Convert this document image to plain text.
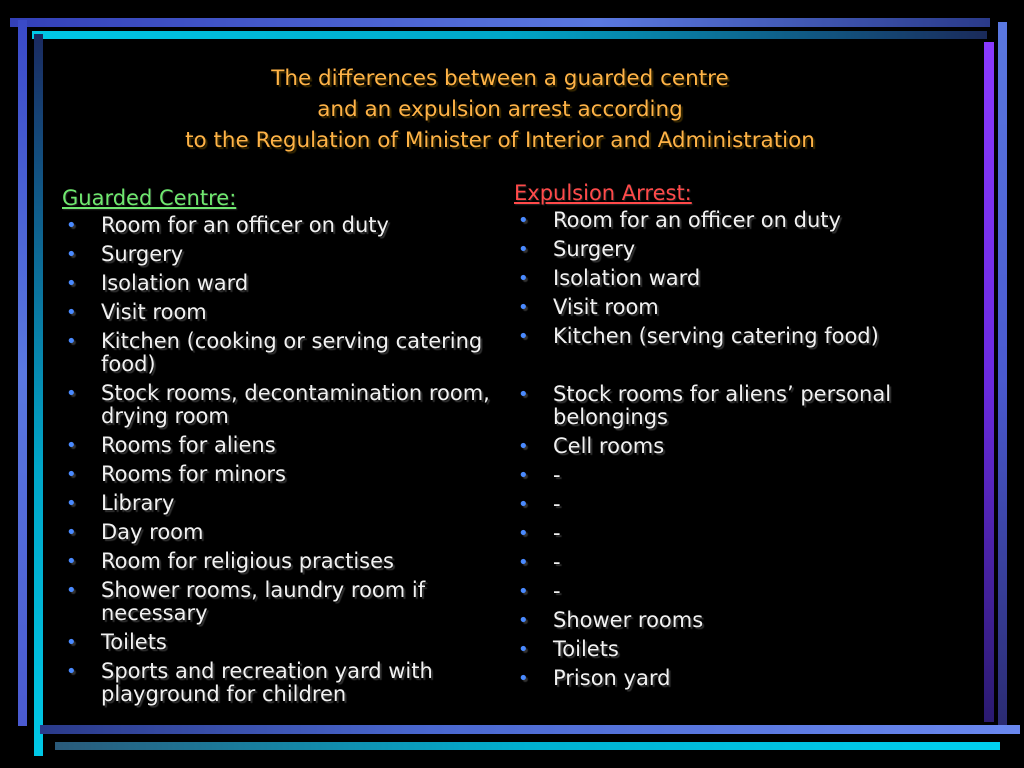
The differences between a guarded centre
and an expulsion arrest according
to the Regulation of Minister of Interior and Administration
Guarded Centre:
• Room for an officer on duty
• Surgery
• Isolation ward
• Visit room
• Kitchen (cooking or serving catering food)
• Stock rooms, decontamination room, drying room
• Rooms for aliens
• Rooms for minors
• Library
• Day room
• Room for religious practises
• Shower rooms, laundry room if necessary
• Toilets
• Sports and recreation yard with playground for children
Expulsion Arrest:
• Room for an officer on duty
• Surgery
• Isolation ward
• Visit room
• Kitchen (serving catering food)
• Stock rooms for aliens’ personal belongings
• Cell rooms
• -
• -
• -
• -
• -
• Shower rooms
• Toilets
• Prison yard
